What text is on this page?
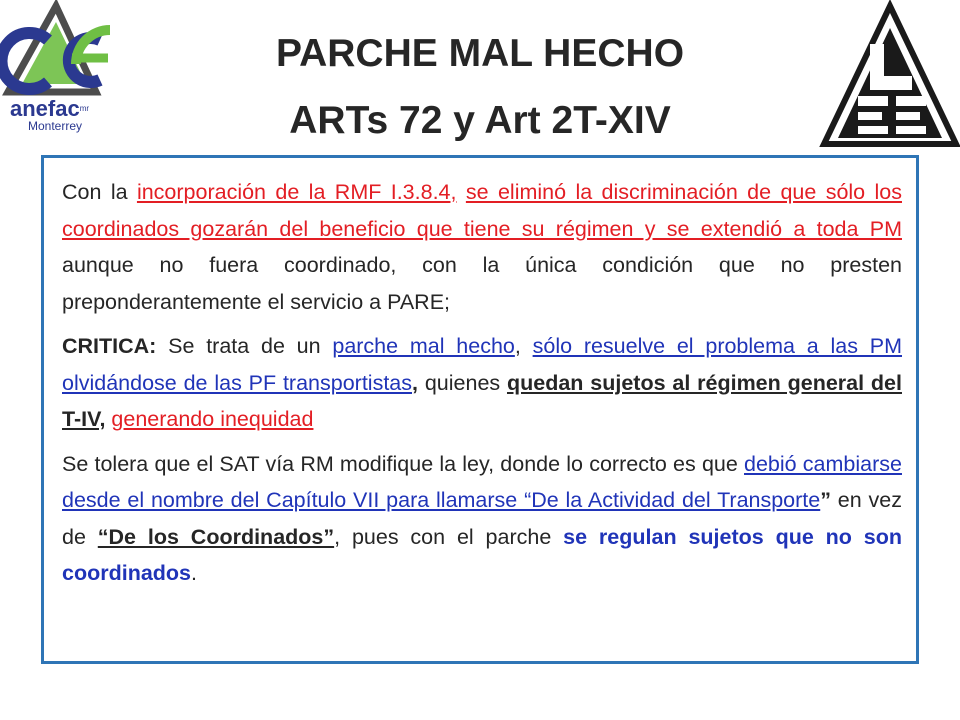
anefac$^{mr}$
Monterrey
PARCHE MAL HECHO
ARTs 72 y Art 2T-XIV

Con la incorporación de la RMF I.3.8.4, se eliminó la discriminación de que sólo los coordinados gozarán del beneficio que tiene su régimen y se extendió a toda PM aunque no fuera coordinado, con la única condición que no presten preponderantemente el servicio a PARE;

CRITICA: Se trata de un parche mal hecho, sólo resuelve el problema a las PM olvidándose de las PF transportistas, quienes quedan sujetos al régimen general del T-IV, generando inequidad

Se tolera que el SAT vía RM modifique la ley, donde lo correcto es que debió cambiarse desde el nombre del Capítulo VII para llamarse “De la Actividad del Transporte” en vez de “De los Coordinados”, pues con el parche se regulan sujetos que no son coordinados.
